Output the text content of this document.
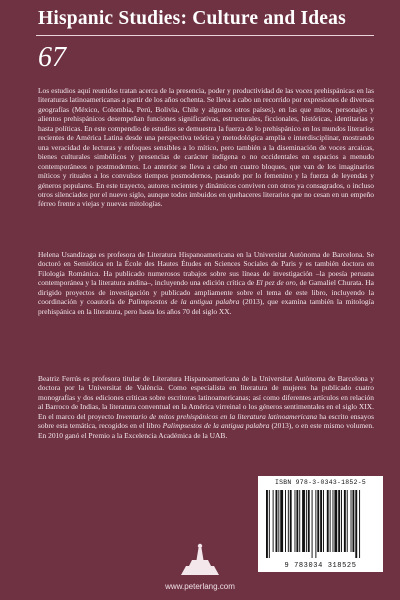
Hispanic Studies: Culture and Ideas
67

Los estudios aquí reunidos tratan acerca de la presencia, poder y productividad de las voces prehispánicas en las literaturas latinoamericanas a partir de los años ochenta. Se lleva a cabo un recorrido por expresiones de diversas geografías (México, Colombia, Perú, Bolivia, Chile y algunos otros países), en las que mitos, personajes y alientos prehispánicos desempeñan funciones significativas, estructurales, ficcionales, históricas, identitarias y hasta políticas. En este compendio de estudios se demuestra la fuerza de lo prehispánico en los mundos literarios recientes de América Latina desde una perspectiva teórica y metodológica amplia e interdisciplinar, mostrando una veracidad de lecturas y enfoques sensibles a lo mítico, pero también a la diseminación de voces arcaicas, bienes culturales simbólicos y presencias de carácter indígena o no occidentales en espacios a menudo contemporáneos o postmodernos. Lo anterior se lleva a cabo en cuatro bloques, que van de los imaginarios míticos y rituales a los convulsos tiempos posmodernos, pasando por lo femenino y la fuerza de leyendas y géneros populares. En este trayecto, autores recientes y dinámicos conviven con otros ya consagrados, o incluso otros silenciados por el nuevo siglo, aunque todos imbuidos en quehaceres literarios que no cesan en un empeño férreo frente a viejas y nuevas mitologías.

Helena Usandizaga es profesora de Literatura Hispanoamericana en la Universitat Autònoma de Barcelona. Se doctoró en Semiótica en la École des Hautes Études en Sciences Sociales de Paris y es también doctora en Filología Románica. Ha publicado numerosos trabajos sobre sus líneas de investigación –la poesía peruana contemporánea y la literatura andina–, incluyendo una edición crítica de El pez de oro, de Gamaliel Churata. Ha dirigido proyectos de investigación y publicado ampliamente sobre el tema de este libro, incluyendo la coordinación y coautoría de Palimpsestos de la antigua palabra (2013), que examina también la mitología prehispánica en la literatura, pero hasta los años 70 del siglo XX.

Beatriz Ferrús es profesora titular de Literatura Hispanoamericana de la Universitat Autònoma de Barcelona y doctora por la Universitat de València. Como especialista en literatura de mujeres ha publicado cuatro monografías y dos ediciones críticas sobre escritoras latinoamericanas; así como diferentes artículos en relación al Barroco de Indias, la literatura conventual en la América virreinal o los géneros sentimentales en el siglo XIX. En el marco del proyecto Inventario de mitos prehispánicos en la literatura latinoamericana ha escrito ensayos sobre esta temática, recogidos en el libro Palimpsestos de la antigua palabra (2013), o en este mismo volumen. En 2010 ganó el Premio a la Excelencia Académica de la UAB.

ISBN 978-3-0343-1852-5
9 783034 318525
www.peterlang.com
